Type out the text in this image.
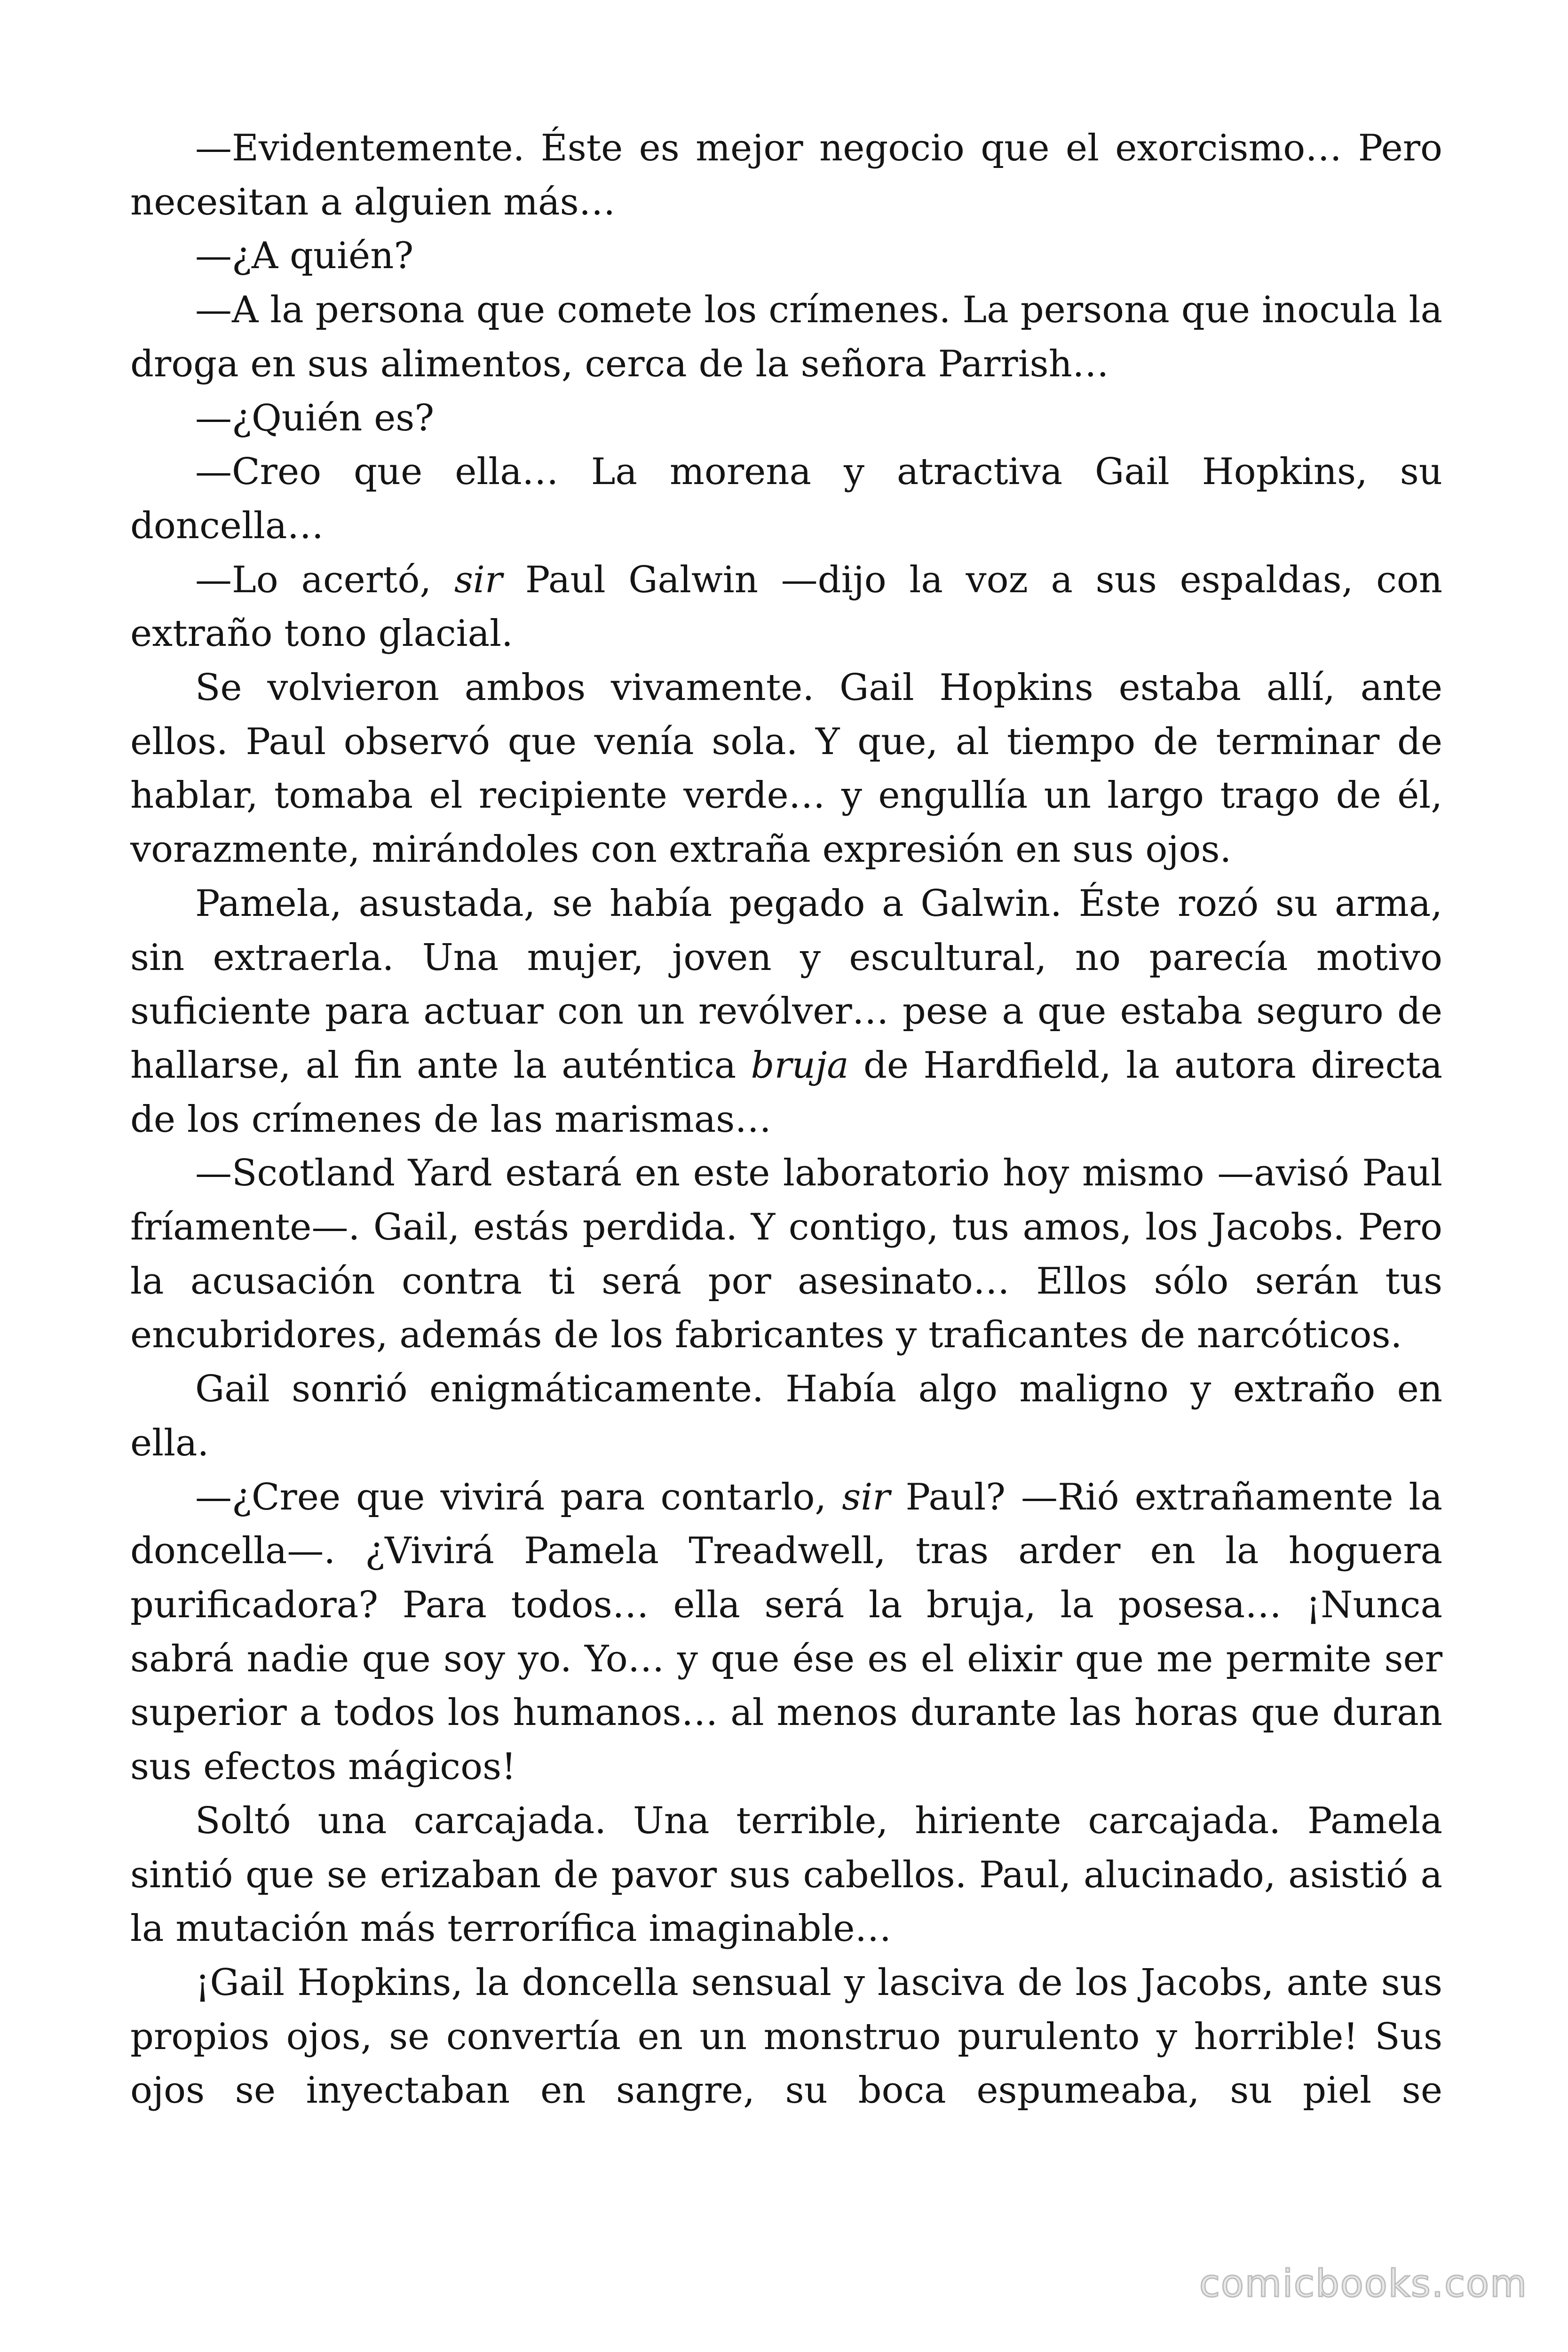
—Evidentemente. Éste es mejor negocio que el exorcismo… Pero necesitan a alguien más…

—¿A quién?

—A la persona que comete los crímenes. La persona que inocula la droga en sus alimentos, cerca de la señora Parrish…

—¿Quién es?

—Creo que ella… La morena y atractiva Gail Hopkins, su doncella…

—Lo acertó, sir Paul Galwin —dijo la voz a sus espaldas, con extraño tono glacial.

Se volvieron ambos vivamente. Gail Hopkins estaba allí, ante ellos. Paul observó que venía sola. Y que, al tiempo de terminar de hablar, tomaba el recipiente verde… y engullía un largo trago de él, vorazmente, mirándoles con extraña expresión en sus ojos.

Pamela, asustada, se había pegado a Galwin. Éste rozó su arma, sin extraerla. Una mujer, joven y escultural, no parecía motivo suficiente para actuar con un revólver… pese a que estaba seguro de hallarse, al fin ante la auténtica bruja de Hardfield, la autora directa de los crímenes de las marismas…

—Scotland Yard estará en este laboratorio hoy mismo —avisó Paul fríamente—. Gail, estás perdida. Y contigo, tus amos, los Jacobs. Pero la acusación contra ti será por asesinato… Ellos sólo serán tus encubridores, además de los fabricantes y traficantes de narcóticos.

Gail sonrió enigmáticamente. Había algo maligno y extraño en ella.

—¿Cree que vivirá para contarlo, sir Paul? —Rió extrañamente la doncella—. ¿Vivirá Pamela Treadwell, tras arder en la hoguera purificadora? Para todos… ella será la bruja, la posesa… ¡Nunca sabrá nadie que soy yo. Yo… y que ése es el elixir que me permite ser superior a todos los humanos… al menos durante las horas que duran sus efectos mágicos!

Soltó una carcajada. Una terrible, hiriente carcajada. Pamela sintió que se erizaban de pavor sus cabellos. Paul, alucinado, asistió a la mutación más terrorífica imaginable…

¡Gail Hopkins, la doncella sensual y lasciva de los Jacobs, ante sus propios ojos, se convertía en un monstruo purulento y horrible! Sus ojos se inyectaban en sangre, su boca espumeaba, su piel se

comicbooks.com
